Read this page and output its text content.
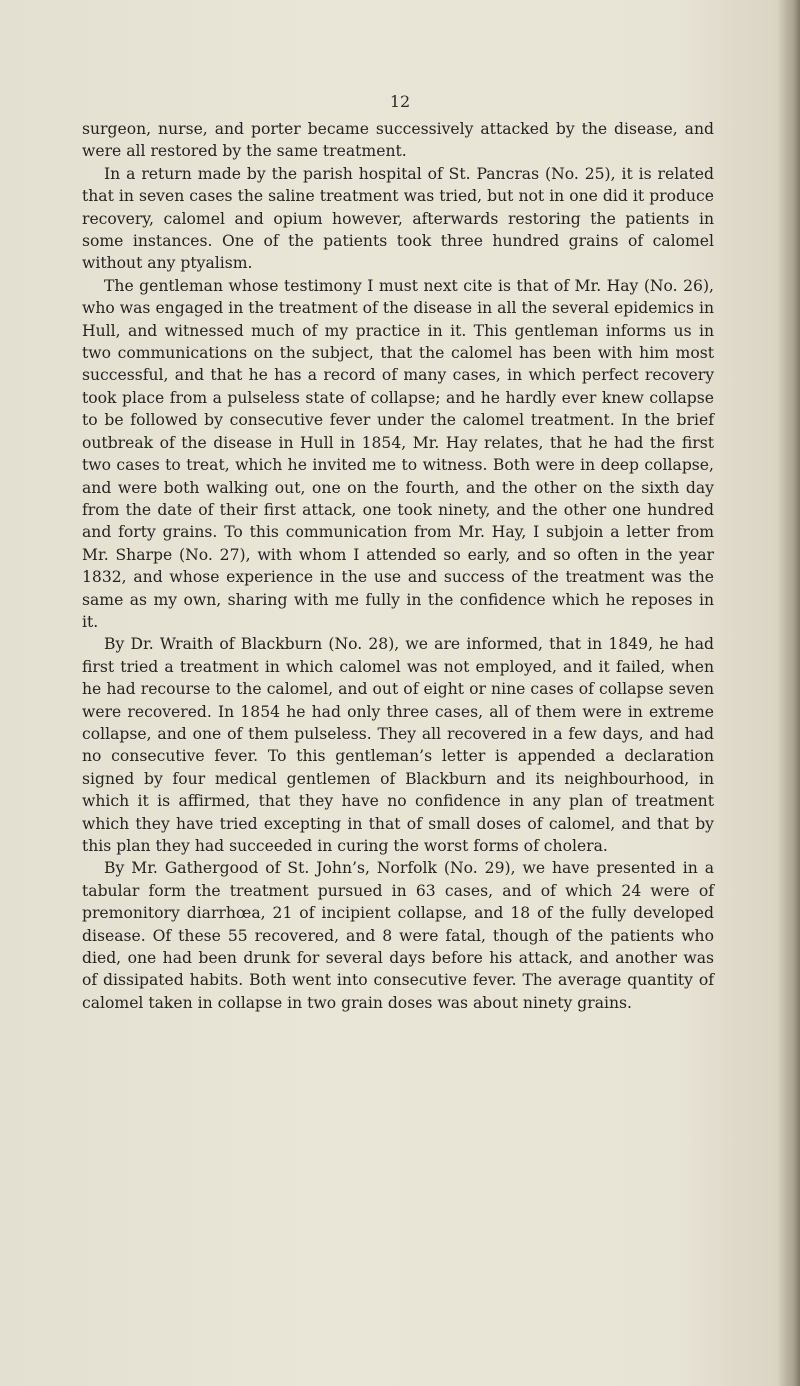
12

surgeon, nurse, and porter became successively attacked by the disease, and were all restored by the same treatment.

In a return made by the parish hospital of St. Pancras (No. 25), it is related that in seven cases the saline treatment was tried, but not in one did it produce recovery, calomel and opium however, afterwards restoring the patients in some instances. One of the patients took three hundred grains of calomel without any ptyalism.

The gentleman whose testimony I must next cite is that of Mr. Hay (No. 26), who was engaged in the treatment of the disease in all the several epidemics in Hull, and witnessed much of my practice in it. This gentleman informs us in two communications on the subject, that the calomel has been with him most successful, and that he has a record of many cases, in which perfect recovery took place from a pulseless state of collapse; and he hardly ever knew collapse to be followed by consecutive fever under the calomel treatment. In the brief outbreak of the disease in Hull in 1854, Mr. Hay relates, that he had the first two cases to treat, which he invited me to witness. Both were in deep collapse, and were both walking out, one on the fourth, and the other on the sixth day from the date of their first attack, one took ninety, and the other one hundred and forty grains. To this communication from Mr. Hay, I subjoin a letter from Mr. Sharpe (No. 27), with whom I attended so early, and so often in the year 1832, and whose experience in the use and success of the treatment was the same as my own, sharing with me fully in the confidence which he reposes in it.

By Dr. Wraith of Blackburn (No. 28), we are informed, that in 1849, he had first tried a treatment in which calomel was not employed, and it failed, when he had recourse to the calomel, and out of eight or nine cases of collapse seven were recovered. In 1854 he had only three cases, all of them were in extreme collapse, and one of them pulseless. They all recovered in a few days, and had no consecutive fever. To this gentleman’s letter is appended a declaration signed by four medical gentlemen of Blackburn and its neighbourhood, in which it is affirmed, that they have no confidence in any plan of treatment which they have tried excepting in that of small doses of calomel, and that by this plan they had succeeded in curing the worst forms of cholera.

By Mr. Gathergood of St. John’s, Norfolk (No. 29), we have presented in a tabular form the treatment pursued in 63 cases, and of which 24 were of premonitory diarrhœa, 21 of incipient collapse, and 18 of the fully developed disease. Of these 55 recovered, and 8 were fatal, though of the patients who died, one had been drunk for several days before his attack, and another was of dissipated habits. Both went into consecutive fever. The average quantity of calomel taken in collapse in two grain doses was about ninety grains.
